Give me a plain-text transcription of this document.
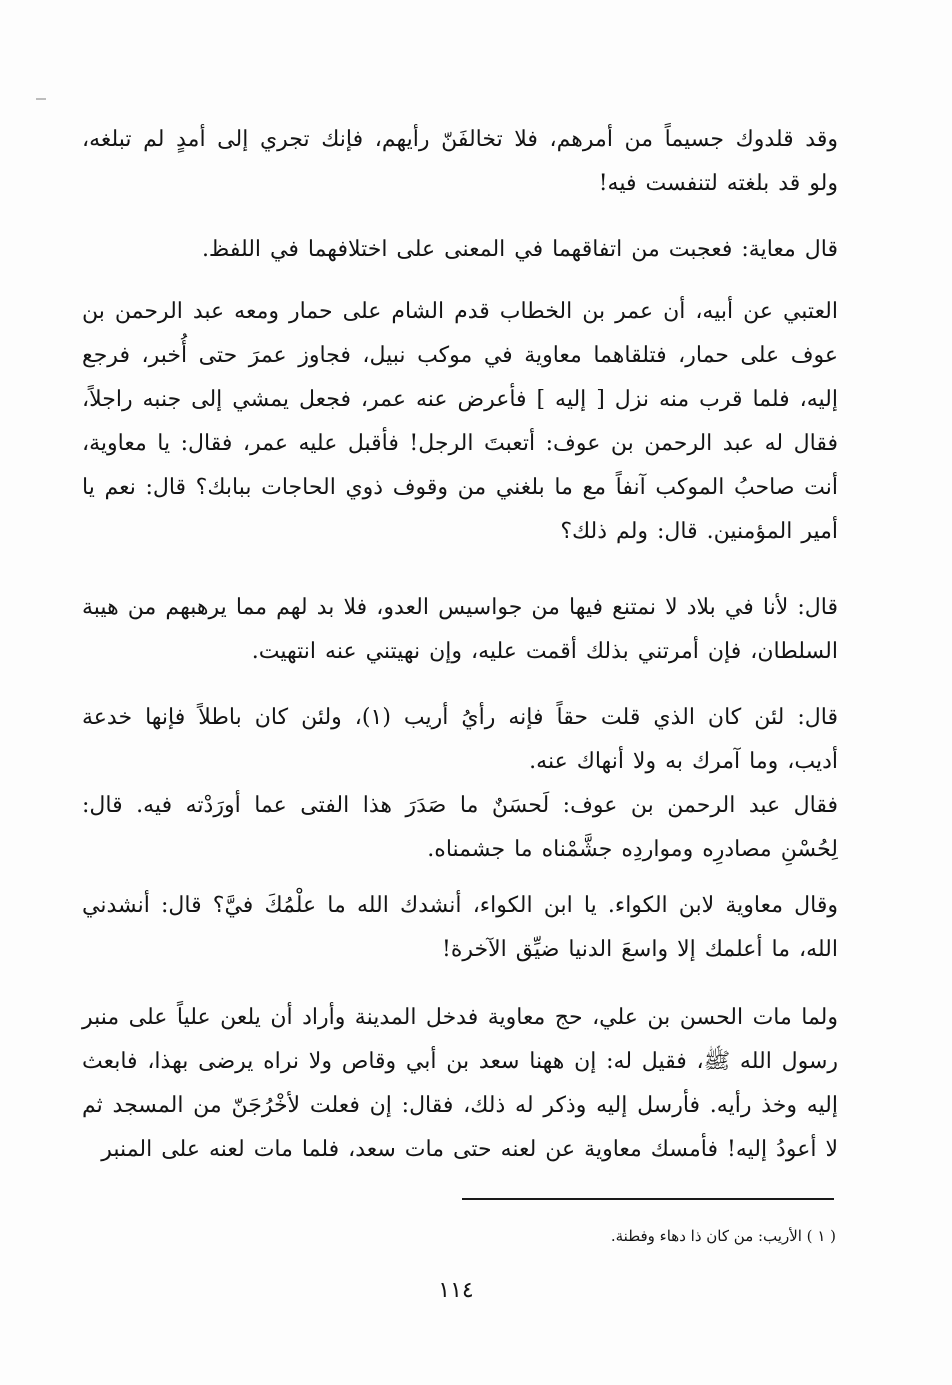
وقد قلدوك جسيماً من أمرهم، فلا تخالفَنّ رأيهم، فإنك تجري إلى أمدٍ لم تبلغه، ولو قد بلغته لتنفست فيه!

قال معاية: فعجبت من اتفاقهما في المعنى على اختلافهما في اللفظ.

العتبي عن أبيه، أن عمر بن الخطاب قدم الشام على حمار ومعه عبد الرحمن بن عوف على حمار، فتلقاهما معاوية في موكب نبيل، فجاوز عمرَ حتى أُخبر، فرجع إليه، فلما قرب منه نزل [ إليه ] فأعرض عنه عمر، فجعل يمشي إلى جنبه راجلاً، فقال له عبد الرحمن بن عوف: أتعبتَ الرجل! فأقبل عليه عمر، فقال: يا معاوية، أنت صاحبُ الموكب آنفاً مع ما بلغني من وقوف ذوي الحاجات ببابك؟ قال: نعم يا أمير المؤمنين. قال: ولم ذلك؟

قال: لأنا في بلاد لا نمتنع فيها من جواسيس العدو، فلا بد لهم مما يرهبهم من هيبة السلطان، فإن أمرتني بذلك أقمت عليه، وإن نهيتني عنه انتهيت.

قال: لئن كان الذي قلت حقاً فإنه رأيُ أريب (١)، ولئن كان باطلاً فإنها خدعة أديب، وما آمرك به ولا أنهاك عنه.

فقال عبد الرحمن بن عوف: لَحسَنٌ ما صَدَرَ هذا الفتى عما أورَدْته فيه. قال: لِحُسْنِ مصادرِه ومواردِه جشَّمْناه ما جشمناه.

وقال معاوية لابن الكواء. يا ابن الكواء، أنشدك الله ما علْمُكَ فيَّ؟ قال: أنشدني الله، ما أعلمك إلا واسعَ الدنيا ضيِّق الآخرة!

ولما مات الحسن بن علي، حج معاوية فدخل المدينة وأراد أن يلعن علياً على منبر رسول الله ﷺ، فقيل له: إن ههنا سعد بن أبي وقاص ولا نراه يرضى بهذا، فابعث إليه وخذ رأيه. فأرسل إليه وذكر له ذلك، فقال: إن فعلت لأخْرُجَنّ من المسجد ثم لا أعودُ إليه! فأمسك معاوية عن لعنه حتى مات سعد، فلما مات لعنه على المنبر

( ١ ) الأريب: من كان ذا دهاء وفطنة.
١١٤
